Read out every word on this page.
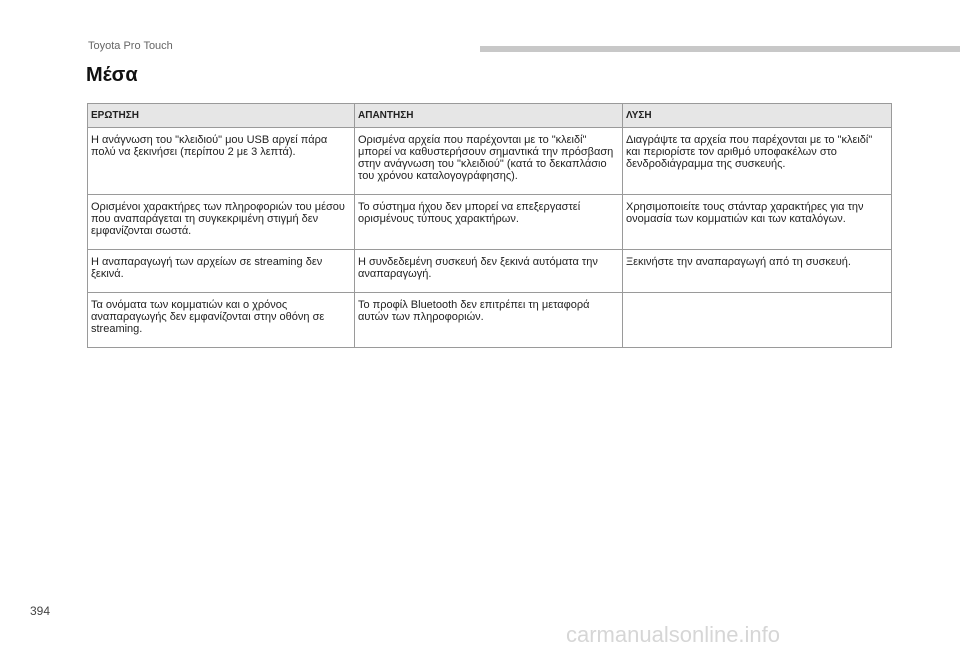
Toyota Pro Touch
Μέσα
ΕΡΩΤΗΣΗ	ΑΠΑΝΤΗΣΗ	ΛΥΣΗ
Η ανάγνωση του "κλειδιού" μου USB αργεί πάρα πολύ να ξεκινήσει (περίπου 2 με 3 λεπτά).	Ορισμένα αρχεία που παρέχονται με το "κλειδί" μπορεί να καθυστερήσουν σημαντικά την πρόσβαση στην ανάγνωση του "κλειδιού" (κατά το δεκαπλάσιο του χρόνου καταλογογράφησης).	Διαγράψτε τα αρχεία που παρέχονται με το "κλειδί" και περιορίστε τον αριθμό υποφακέλων στο δενδροδιάγραμμα της συσκευής.
Ορισμένοι χαρακτήρες των πληροφοριών του μέσου που αναπαράγεται τη συγκεκριμένη στιγμή δεν εμφανίζονται σωστά.	Το σύστημα ήχου δεν μπορεί να επεξεργαστεί ορισμένους τύπους χαρακτήρων.	Χρησιμοποιείτε τους στάνταρ χαρακτήρες για την ονομασία των κομματιών και των καταλόγων.
Η αναπαραγωγή των αρχείων σε streaming δεν ξεκινά.	Η συνδεδεμένη συσκευή δεν ξεκινά αυτόματα την αναπαραγωγή.	Ξεκινήστε την αναπαραγωγή από τη συσκευή.
Τα ονόματα των κομματιών και ο χρόνος αναπαραγωγής δεν εμφανίζονται στην οθόνη σε streaming.	Το προφίλ Bluetooth δεν επιτρέπει τη μεταφορά αυτών των πληροφοριών.	
394
carmanualsonline.info
